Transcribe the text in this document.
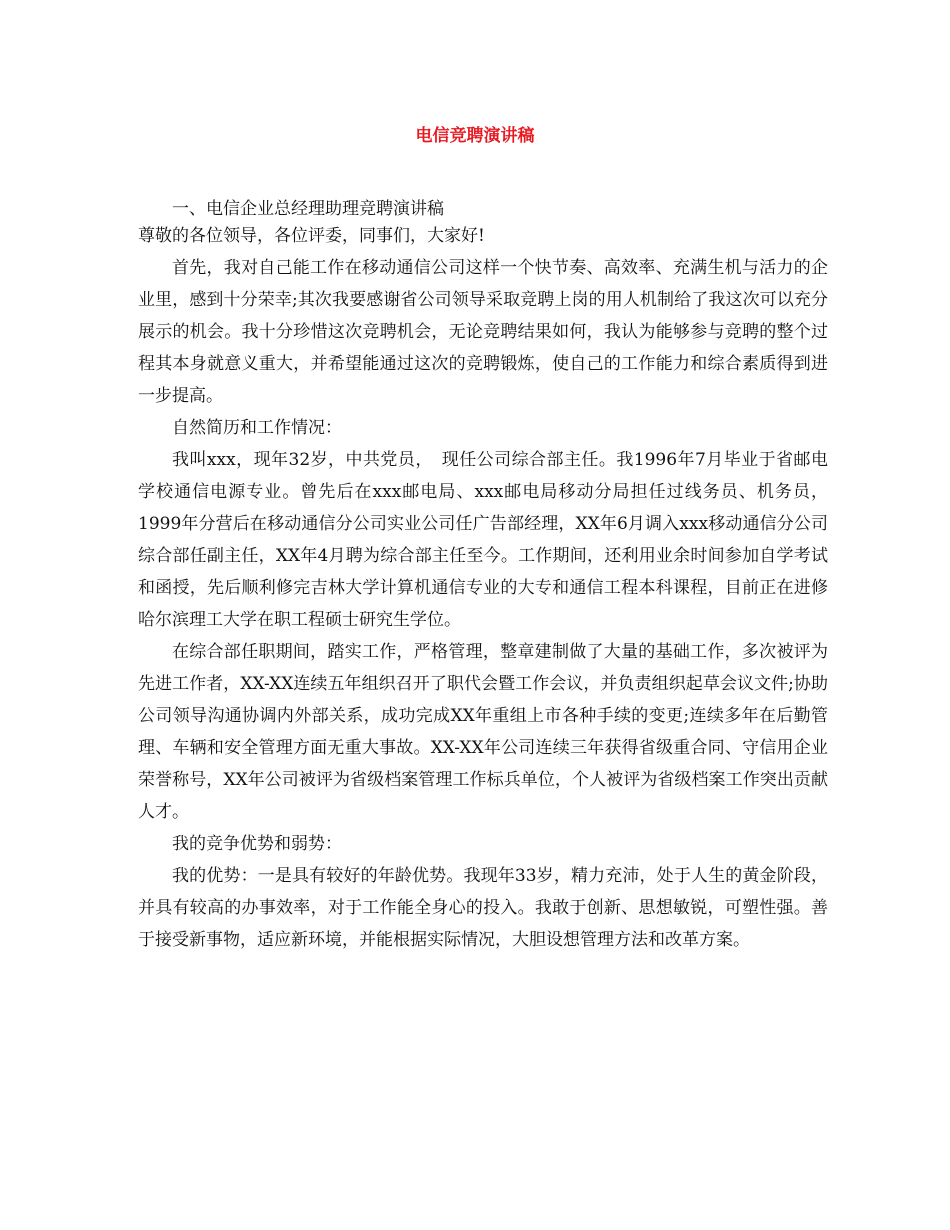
电信竞聘演讲稿

一、电信企业总经理助理竞聘演讲稿

尊敬的各位领导，各位评委，同事们，大家好!

首先，我对自己能工作在移动通信公司这样一个快节奏、高效率、充满生机与活力的企业里，感到十分荣幸;其次我要感谢省公司领导采取竞聘上岗的用人机制给了我这次可以充分展示的机会。我十分珍惜这次竞聘机会，无论竞聘结果如何，我认为能够参与竞聘的整个过程其本身就意义重大，并希望能通过这次的竞聘锻炼，使自己的工作能力和综合素质得到进一步提高。

自然简历和工作情况：

我叫xxx，现年32岁，中共党员，　现任公司综合部主任。我1996年7月毕业于省邮电学校通信电源专业。曾先后在xxx邮电局、xxx邮电局移动分局担任过线务员、机务员，1999年分营后在移动通信分公司实业公司任广告部经理，XX年6月调入xxx移动通信分公司综合部任副主任，XX年4月聘为综合部主任至今。工作期间，还利用业余时间参加自学考试和函授，先后顺利修完吉林大学计算机通信专业的大专和通信工程本科课程，目前正在进修哈尔滨理工大学在职工程硕士研究生学位。

在综合部任职期间，踏实工作，严格管理，整章建制做了大量的基础工作，多次被评为先进工作者，XX-XX连续五年组织召开了职代会暨工作会议，并负责组织起草会议文件;协助公司领导沟通协调内外部关系，成功完成XX年重组上市各种手续的变更;连续多年在后勤管理、车辆和安全管理方面无重大事故。XX-XX年公司连续三年获得省级重合同、守信用企业荣誉称号，XX年公司被评为省级档案管理工作标兵单位，个人被评为省级档案工作突出贡献人才。

我的竞争优势和弱势：

我的优势：一是具有较好的年龄优势。我现年33岁，精力充沛，处于人生的黄金阶段，并具有较高的办事效率，对于工作能全身心的投入。我敢于创新、思想敏锐，可塑性强。善于接受新事物，适应新环境，并能根据实际情况，大胆设想管理方法和改革方案。
